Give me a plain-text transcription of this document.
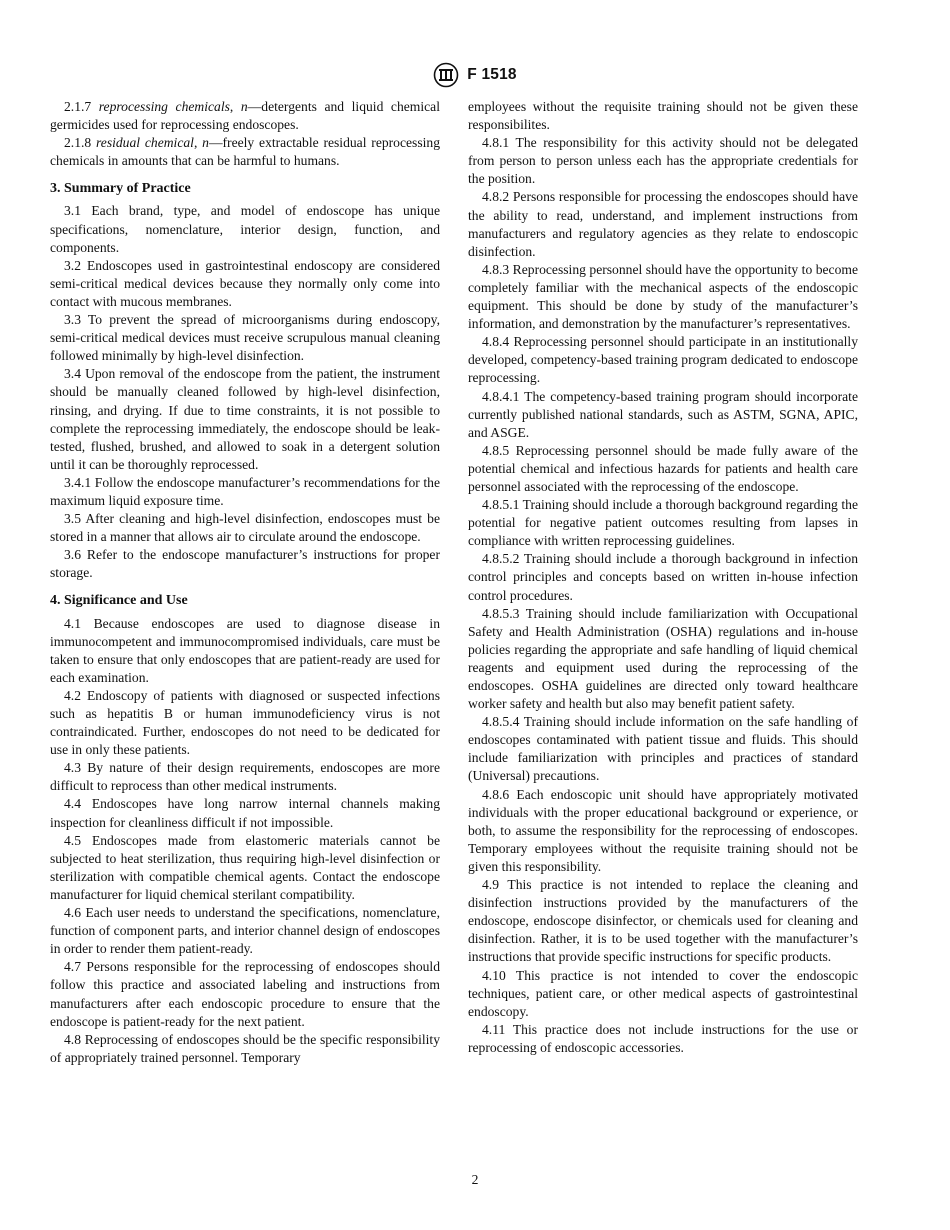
F 1518

2.1.7 reprocessing chemicals, n—detergents and liquid chemical germicides used for reprocessing endoscopes.

2.1.8 residual chemical, n—freely extractable residual reprocessing chemicals in amounts that can be harmful to humans.

3. Summary of Practice

3.1 Each brand, type, and model of endoscope has unique specifications, nomenclature, interior design, function, and components.

3.2 Endoscopes used in gastrointestinal endoscopy are considered semi-critical medical devices because they normally only come into contact with mucous membranes.

3.3 To prevent the spread of microorganisms during endoscopy, semi-critical medical devices must receive scrupulous manual cleaning followed minimally by high-level disinfection.

3.4 Upon removal of the endoscope from the patient, the instrument should be manually cleaned followed by high-level disinfection, rinsing, and drying. If due to time constraints, it is not possible to complete the reprocessing immediately, the endoscope should be leak-tested, flushed, brushed, and allowed to soak in a detergent solution until it can be thoroughly reprocessed.

3.4.1 Follow the endoscope manufacturer’s recommendations for the maximum liquid exposure time.

3.5 After cleaning and high-level disinfection, endoscopes must be stored in a manner that allows air to circulate around the endoscope.

3.6 Refer to the endoscope manufacturer’s instructions for proper storage.

4. Significance and Use

4.1 Because endoscopes are used to diagnose disease in immunocompetent and immunocompromised individuals, care must be taken to ensure that only endoscopes that are patient-ready are used for each examination.

4.2 Endoscopy of patients with diagnosed or suspected infections such as hepatitis B or human immunodeficiency virus is not contraindicated. Further, endoscopes do not need to be dedicated for use in only these patients.

4.3 By nature of their design requirements, endoscopes are more difficult to reprocess than other medical instruments.

4.4 Endoscopes have long narrow internal channels making inspection for cleanliness difficult if not impossible.

4.5 Endoscopes made from elastomeric materials cannot be subjected to heat sterilization, thus requiring high-level disinfection or sterilization with compatible chemical agents. Contact the endoscope manufacturer for liquid chemical sterilant compatibility.

4.6 Each user needs to understand the specifications, nomenclature, function of component parts, and interior channel design of endoscopes in order to render them patient-ready.

4.7 Persons responsible for the reprocessing of endoscopes should follow this practice and associated labeling and instructions from manufacturers after each endoscopic procedure to ensure that the endoscope is patient-ready for the next patient.

4.8 Reprocessing of endoscopes should be the specific responsibility of appropriately trained personnel. Temporary

employees without the requisite training should not be given these responsibilites.

4.8.1 The responsibility for this activity should not be delegated from person to person unless each has the appropriate credentials for the position.

4.8.2 Persons responsible for processing the endoscopes should have the ability to read, understand, and implement instructions from manufacturers and regulatory agencies as they relate to endoscopic disinfection.

4.8.3 Reprocessing personnel should have the opportunity to become completely familiar with the mechanical aspects of the endoscopic equipment. This should be done by study of the manufacturer’s information, and demonstration by the manufacturer’s representatives.

4.8.4 Reprocessing personnel should participate in an institutionally developed, competency-based training program dedicated to endoscope reprocessing.

4.8.4.1 The competency-based training program should incorporate currently published national standards, such as ASTM, SGNA, APIC, and ASGE.

4.8.5 Reprocessing personnel should be made fully aware of the potential chemical and infectious hazards for patients and health care personnel associated with the reprocessing of the endoscope.

4.8.5.1 Training should include a thorough background regarding the potential for negative patient outcomes resulting from lapses in compliance with written reprocessing guidelines.

4.8.5.2 Training should include a thorough background in infection control principles and concepts based on written in-house infection control procedures.

4.8.5.3 Training should include familiarization with Occupational Safety and Health Administration (OSHA) regulations and in-house policies regarding the appropriate and safe handling of liquid chemical reagents and equipment used during the reprocessing of the endoscopes. OSHA guidelines are directed only toward healthcare worker safety and health but also may benefit patient safety.

4.8.5.4 Training should include information on the safe handling of endoscopes contaminated with patient tissue and fluids. This should include familiarization with principles and practices of standard (Universal) precautions.

4.8.6 Each endoscopic unit should have appropriately motivated individuals with the proper educational background or experience, or both, to assume the responsibility for the reprocessing of endoscopes. Temporary employees without the requisite training should not be given this responsibility.

4.9 This practice is not intended to replace the cleaning and disinfection instructions provided by the manufacturers of the endoscope, endoscope disinfector, or chemicals used for cleaning and disinfection. Rather, it is to be used together with the manufacturer’s instructions that provide specific instructions for specific products.

4.10 This practice is not intended to cover the endoscopic techniques, patient care, or other medical aspects of gastrointestinal endoscopy.

4.11 This practice does not include instructions for the use or reprocessing of endoscopic accessories.

2
